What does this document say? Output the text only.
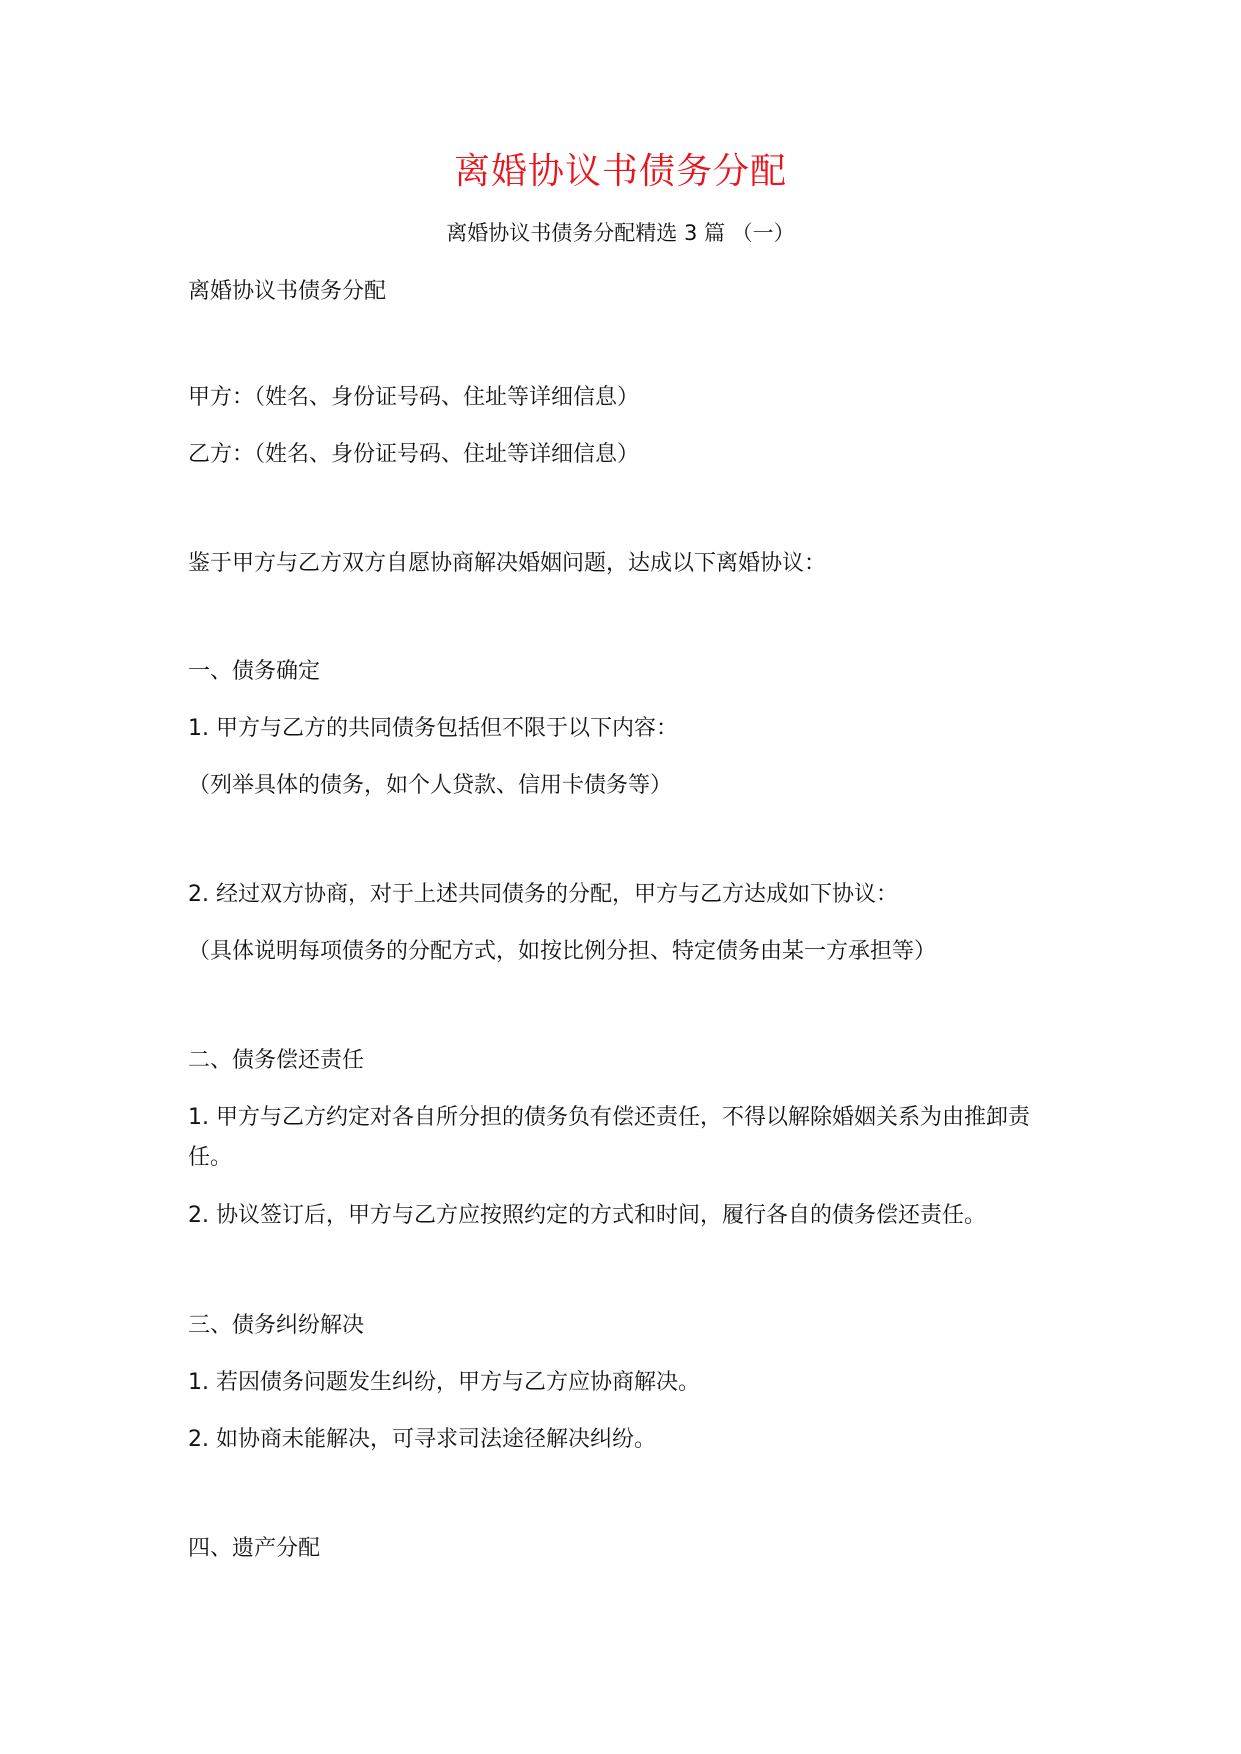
离婚协议书债务分配
离婚协议书债务分配精选 3 篇 （一）
离婚协议书债务分配
甲方：（姓名、身份证号码、住址等详细信息）
乙方：（姓名、身份证号码、住址等详细信息）
鉴于甲方与乙方双方自愿协商解决婚姻问题，达成以下离婚协议：
一、债务确定
1. 甲方与乙方的共同债务包括但不限于以下内容：
（列举具体的债务，如个人贷款、信用卡债务等）
2. 经过双方协商，对于上述共同债务的分配，甲方与乙方达成如下协议：
（具体说明每项债务的分配方式，如按比例分担、特定债务由某一方承担等）
二、债务偿还责任
1. 甲方与乙方约定对各自所分担的债务负有偿还责任，不得以解除婚姻关系为由推卸责任。
2. 协议签订后，甲方与乙方应按照约定的方式和时间，履行各自的债务偿还责任。
三、债务纠纷解决
1. 若因债务问题发生纠纷，甲方与乙方应协商解决。
2. 如协商未能解决，可寻求司法途径解决纠纷。
四、遗产分配
